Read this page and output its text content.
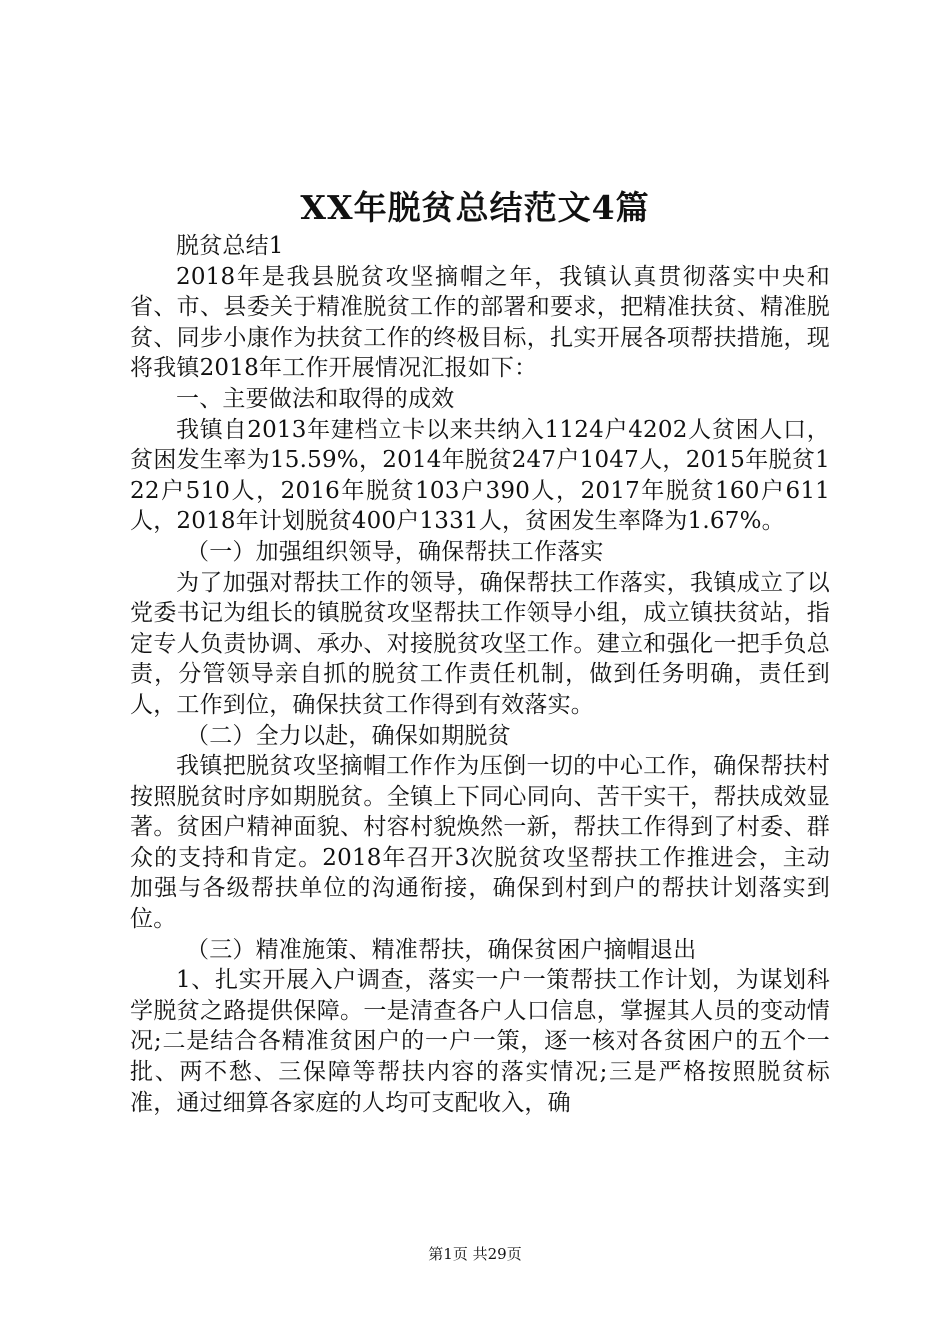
XX年脱贫总结范文4篇

脱贫总结1

2018年是我县脱贫攻坚摘帽之年，我镇认真贯彻落实中央和省、市、县委关于精准脱贫工作的部署和要求，把精准扶贫、精准脱贫、同步小康作为扶贫工作的终极目标，扎实开展各项帮扶措施，现将我镇2018年工作开展情况汇报如下：

一、主要做法和取得的成效

我镇自2013年建档立卡以来共纳入1124户4202人贫困人口，贫困发生率为15.59%，2014年脱贫247户1047人，2015年脱贫122户510人，2016年脱贫103户390人，2017年脱贫160户611人，2018年计划脱贫400户1331人，贫困发生率降为1.67%。

（一）加强组织领导，确保帮扶工作落实

为了加强对帮扶工作的领导，确保帮扶工作落实，我镇成立了以党委书记为组长的镇脱贫攻坚帮扶工作领导小组，成立镇扶贫站，指定专人负责协调、承办、对接脱贫攻坚工作。建立和强化一把手负总责，分管领导亲自抓的脱贫工作责任机制，做到任务明确，责任到人，工作到位，确保扶贫工作得到有效落实。

（二）全力以赴，确保如期脱贫

我镇把脱贫攻坚摘帽工作作为压倒一切的中心工作，确保帮扶村按照脱贫时序如期脱贫。全镇上下同心同向、苦干实干，帮扶成效显著。贫困户精神面貌、村容村貌焕然一新，帮扶工作得到了村委、群众的支持和肯定。2018年召开3次脱贫攻坚帮扶工作推进会，主动加强与各级帮扶单位的沟通衔接，确保到村到户的帮扶计划落实到位。

（三）精准施策、精准帮扶，确保贫困户摘帽退出

1、扎实开展入户调查，落实一户一策帮扶工作计划，为谋划科学脱贫之路提供保障。一是清查各户人口信息，掌握其人员的变动情况;二是结合各精准贫困户的一户一策，逐一核对各贫困户的五个一批、两不愁、三保障等帮扶内容的落实情况;三是严格按照脱贫标准，通过细算各家庭的人均可支配收入，确

第1页 共29页
